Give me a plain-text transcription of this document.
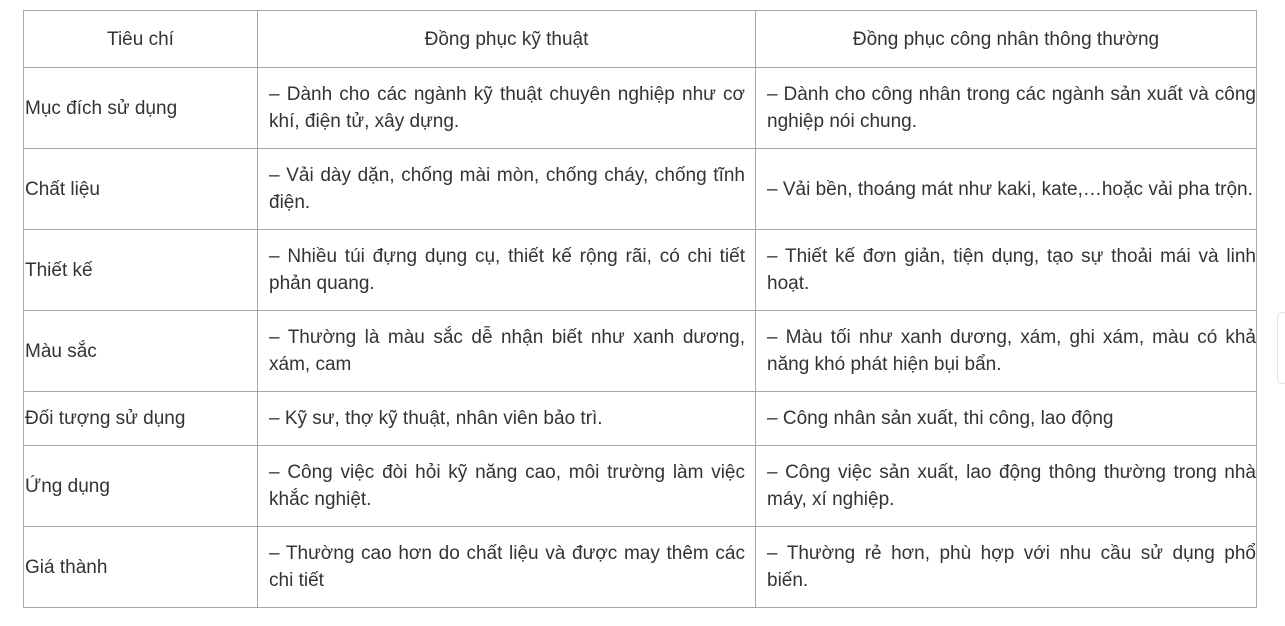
Tiêu chí	Đồng phục kỹ thuật	Đồng phục công nhân thông thường
Mục đích sử dụng	– Dành cho các ngành kỹ thuật chuyên nghiệp như cơ khí, điện tử, xây dựng.	– Dành cho công nhân trong các ngành sản xuất và công nghiệp nói chung.

Chất liệu	– Vải dày dặn, chống mài mòn, chống cháy, chống tĩnh điện.	– Vải bền, thoáng mát như kaki, kate,…hoặc vải pha trộn.

Thiết kế	– Nhiều túi đựng dụng cụ, thiết kế rộng rãi, có chi tiết phản quang.	– Thiết kế đơn giản, tiện dụng, tạo sự thoải mái và linh hoạt.

Màu sắc	– Thường là màu sắc dễ nhận biết như xanh dương, xám, cam	– Màu tối như xanh dương, xám, ghi xám, màu có khả năng khó phát hiện bụi bẩn.

Đối tượng sử dụng	– Kỹ sư, thợ kỹ thuật, nhân viên bảo trì.	– Công nhân sản xuất, thi công, lao động

Ứng dụng	– Công việc đòi hỏi kỹ năng cao, môi trường làm việc khắc nghiệt.	– Công việc sản xuất, lao động thông thường trong nhà máy, xí nghiệp.

Giá thành	– Thường cao hơn do chất liệu và được may thêm các chi tiết	– Thường rẻ hơn, phù hợp với nhu cầu sử dụng phổ biến.
